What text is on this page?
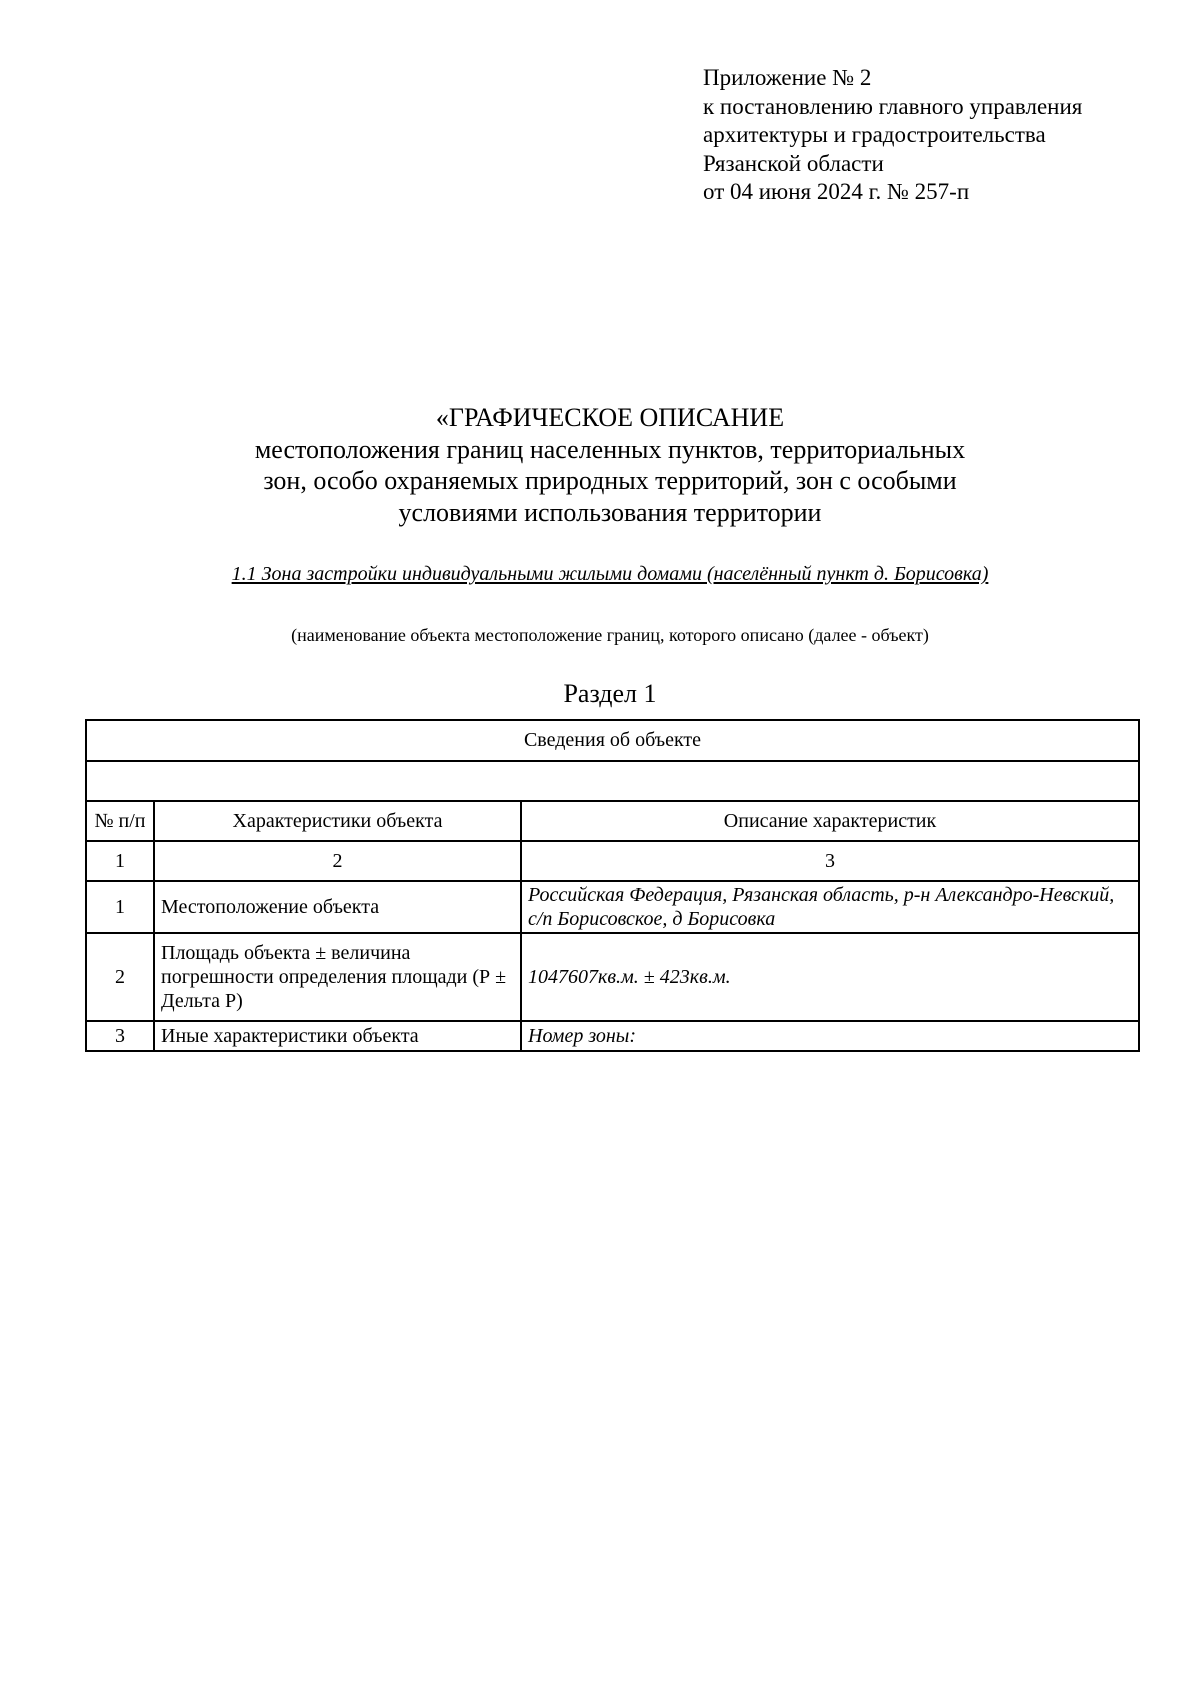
Приложение № 2
к постановлению главного управления
архитектуры и градостроительства
Рязанской области
от 04 июня 2024 г. № 257-п
«ГРАФИЧЕСКОЕ ОПИСАНИЕ
местоположения границ населенных пунктов, территориальных
зон, особо охраняемых природных территорий, зон с особыми
условиями использования территории
1.1 Зона застройки индивидуальными жилыми домами (населённый пункт д. Борисовка)
(наименование объекта местоположение границ, которого описано (далее - объект)
Раздел 1
Сведения об объекте		

№ п/п	Характеристики объекта	Описание характеристик
1	2	3
1	Местоположение объекта	Российская Федерация, Рязанская область, р-н Александро-Невский, с/п Борисовское, д Борисовка
2	Площадь объекта ± величина погрешности определения площади (Р ± Дельта Р)	1047607кв.м. ± 423кв.м.
3	Иные характеристики объекта	Номер зоны:
